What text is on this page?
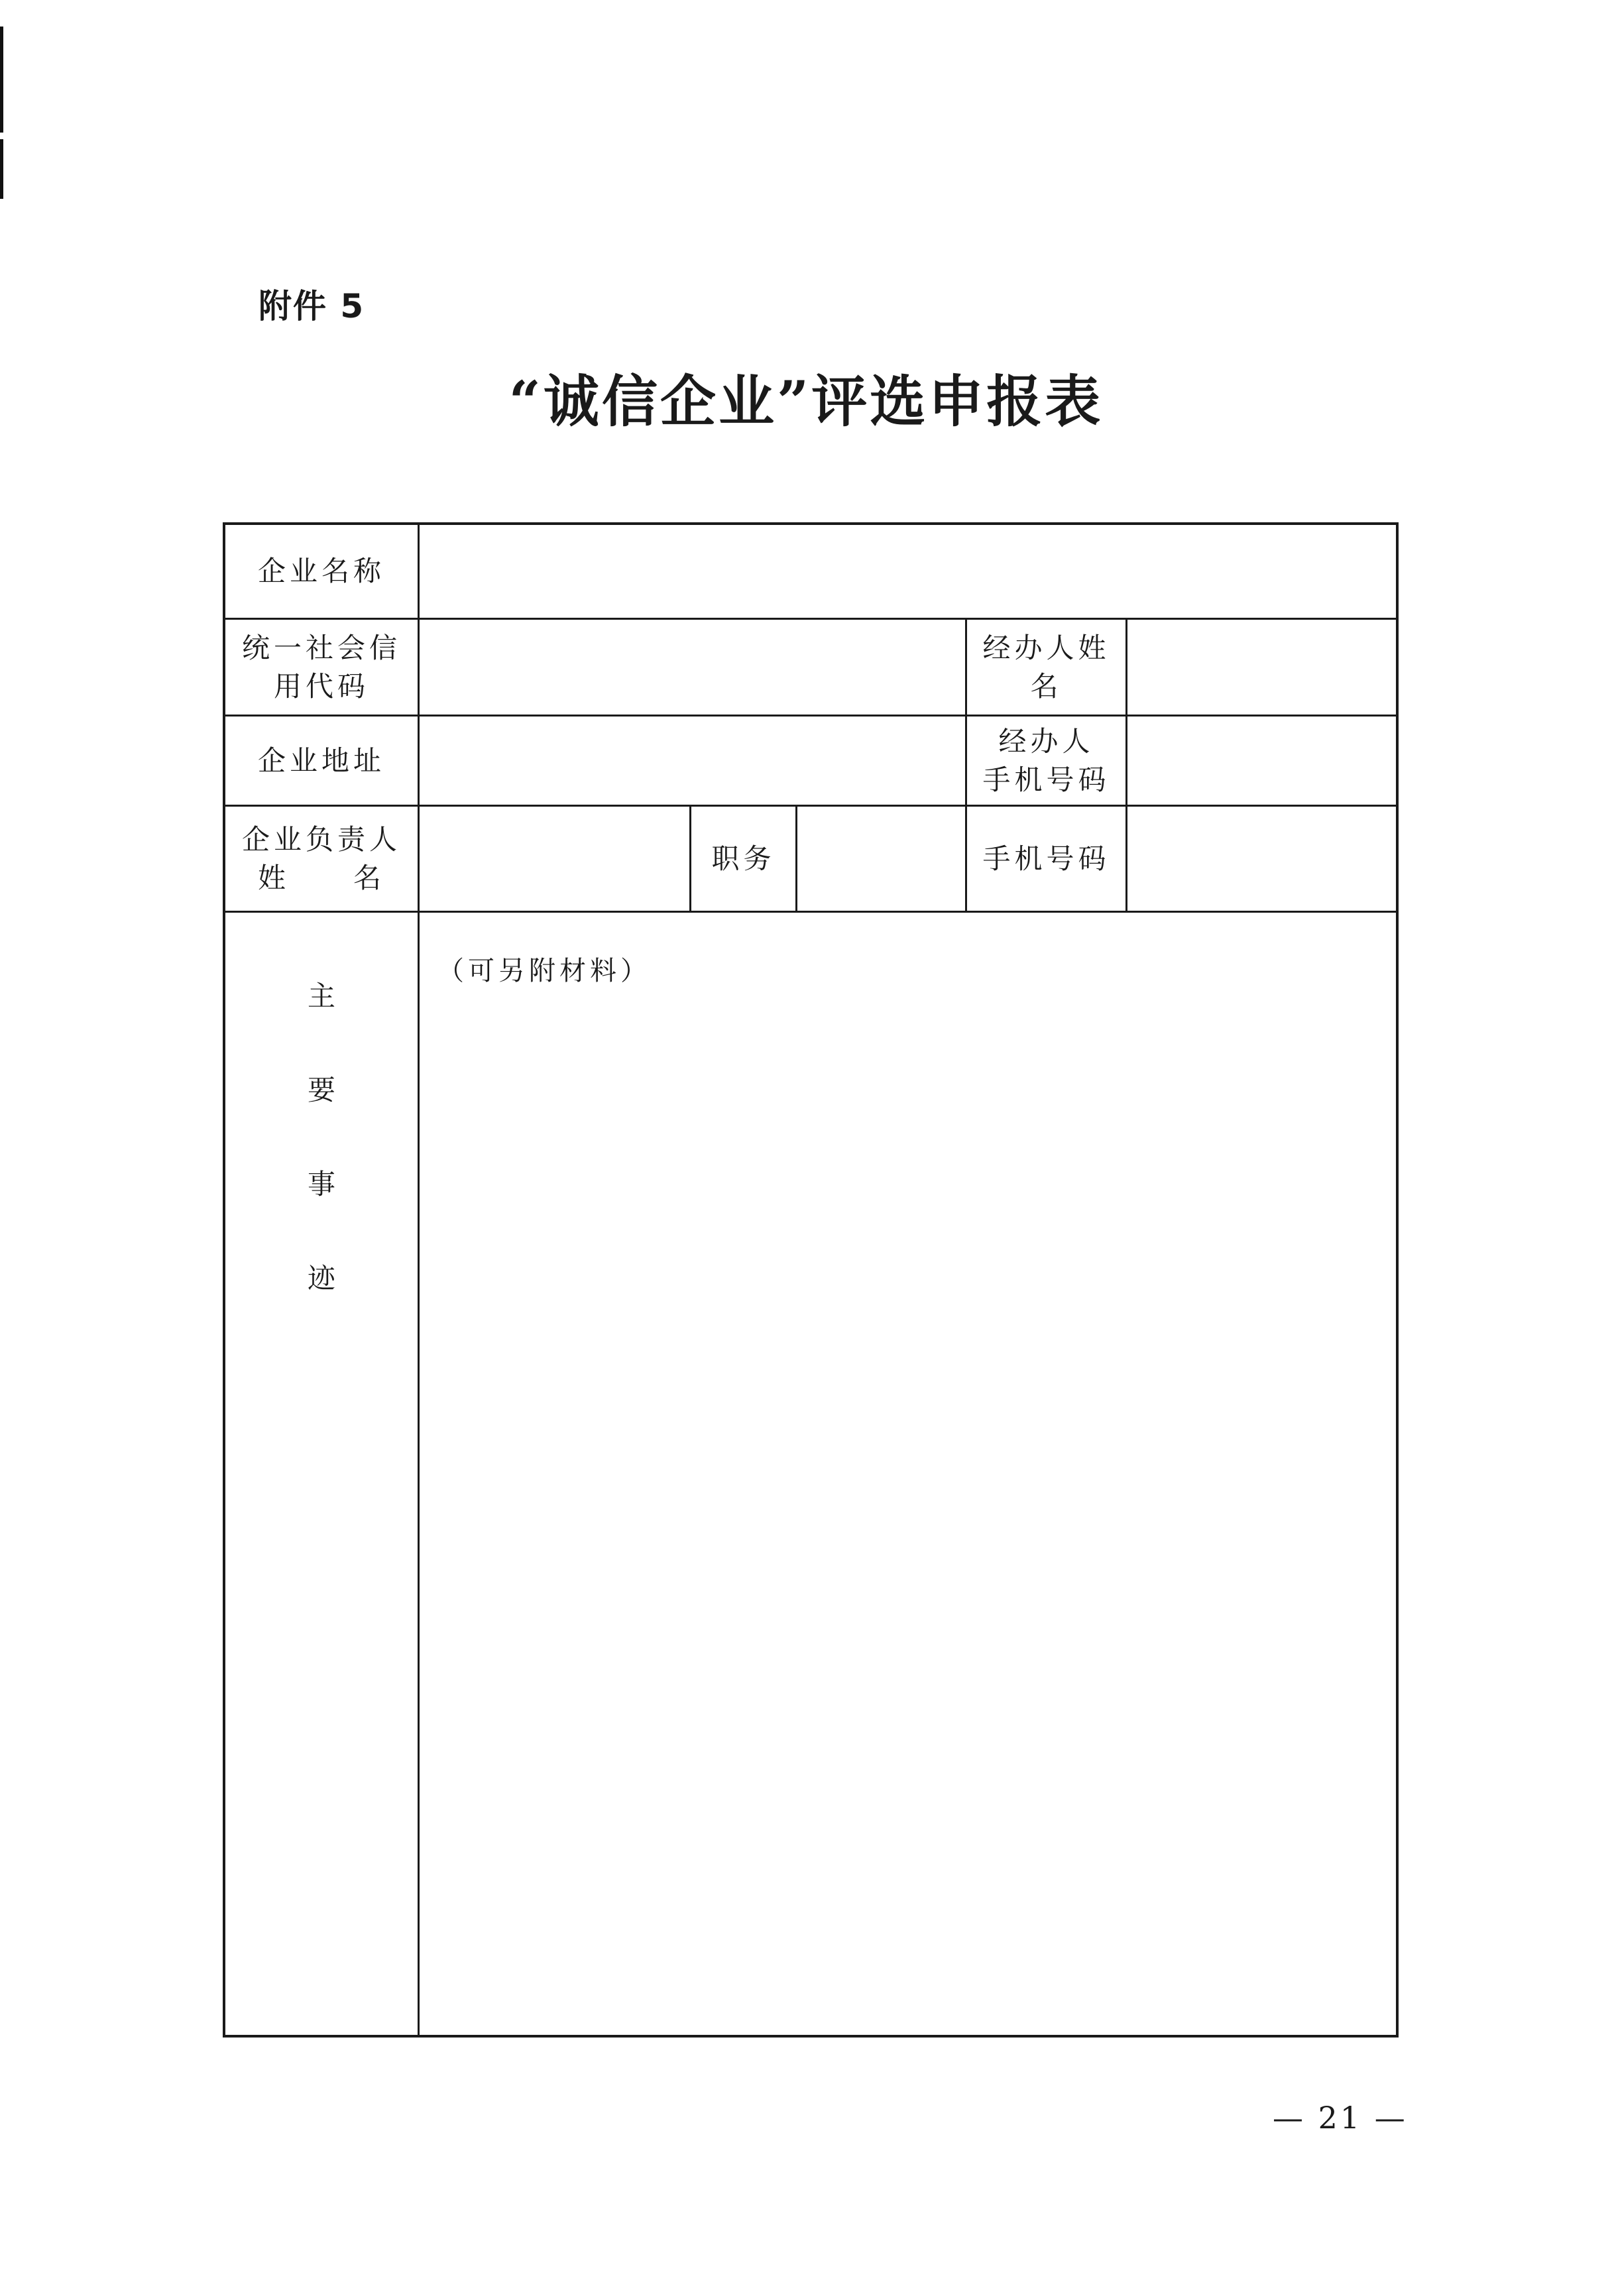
附件 5
“诚信企业”评选申报表
企业名称
统一社会信
用代码
经办人姓
名
企业地址
经办人
手机号码
企业负责人
姓　　名
职务	手机号码
主
要
事
迹
（可另附材料）
— 21 —
